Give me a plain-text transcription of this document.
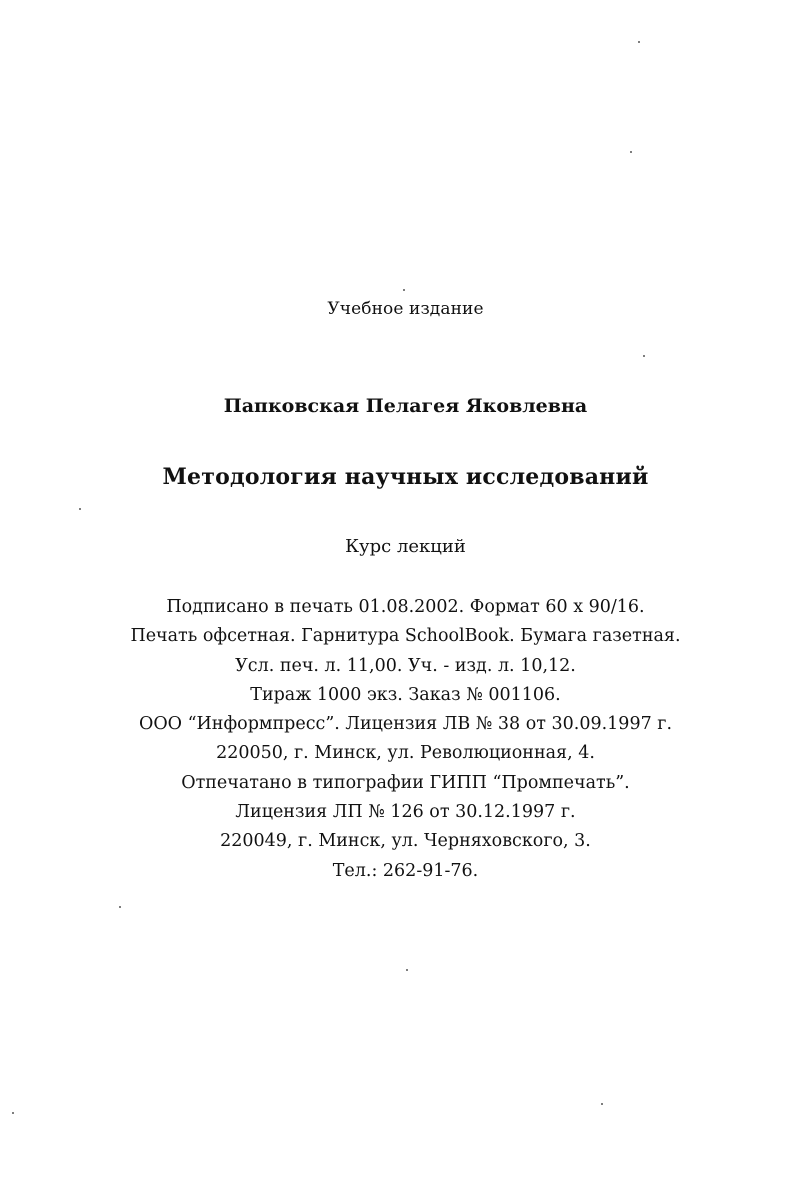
Учебное издание
Папковская Пелагея Яковлевна
Методология научных исследований
Курс лекций
Подписано в печать 01.08.2002. Формат 60 х 90/16.
Печать офсетная. Гарнитура SchoolBook. Бумага газетная.
Усл. печ. л. 11,00. Уч. - изд. л. 10,12.
Тираж 1000 экз. Заказ № 001106.
ООО “Информпресс”. Лицензия ЛВ № 38 от 30.09.1997 г.
220050, г. Минск, ул. Революционная, 4.
Отпечатано в типографии ГИПП “Промпечать”.
Лицензия ЛП № 126 от 30.12.1997 г.
220049, г. Минск, ул. Черняховского, 3.
Тел.: 262-91-76.
